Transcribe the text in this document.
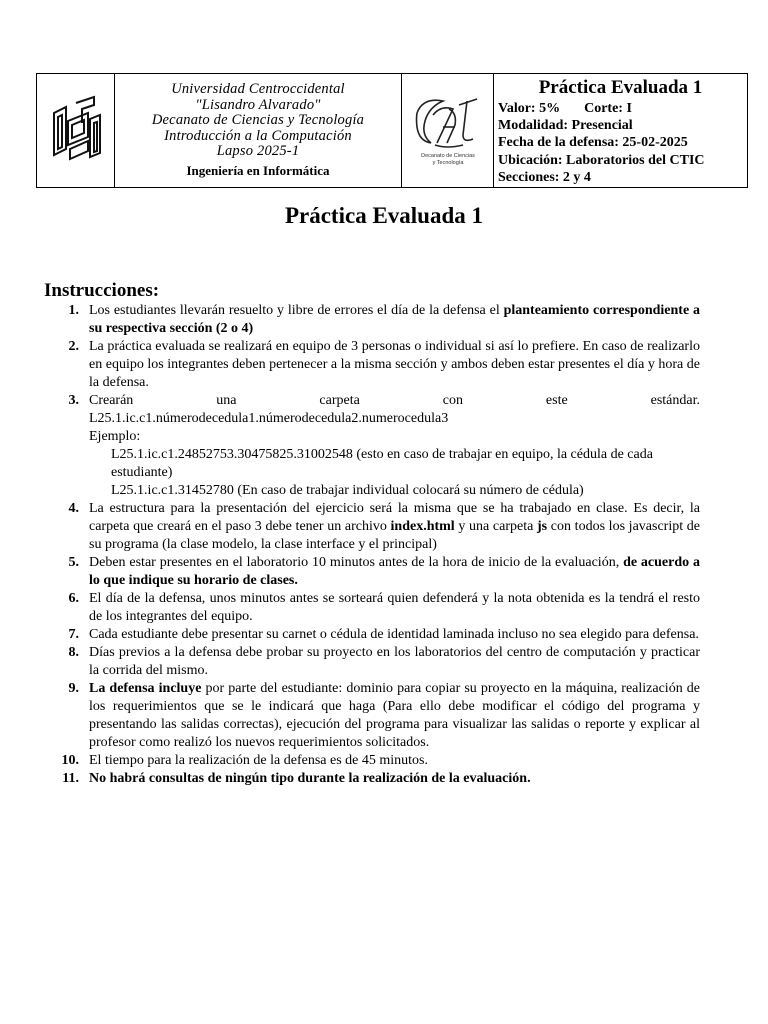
Universidad Centroccidental
"Lisandro Alvarado"
Decanato de Ciencias y Tecnología
Introducción a la Computación
Lapso 2025-1
Ingeniería en Informática
Decanato de Ciencias
y Tecnología
Práctica Evaluada 1
Valor: 5% Corte: I
Modalidad: Presencial
Fecha de la defensa: 25-02-2025
Ubicación: Laboratorios del CTIC
Secciones: 2 y 4
Práctica Evaluada 1
Instrucciones:
1. Los estudiantes llevarán resuelto y libre de errores el día de la defensa el planteamiento correspondiente a su respectiva sección (2 o 4)
2. La práctica evaluada se realizará en equipo de 3 personas o individual si así lo prefiere. En caso de realizarlo en equipo los integrantes deben pertenecer a la misma sección y ambos deben estar presentes el día y hora de la defensa.
3. Crearán	una	carpeta	con	este	estándar.
L25.1.ic.c1.númerodecedula1.númerodecedula2.numerocedula3
Ejemplo:
L25.1.ic.c1.24852753.30475825.31002548 (esto en caso de trabajar en equipo, la cédula de cada estudiante)
L25.1.ic.c1.31452780 (En caso de trabajar individual colocará su número de cédula)
4. La estructura para la presentación del ejercicio será la misma que se ha trabajado en clase. Es decir, la carpeta que creará en el paso 3 debe tener un archivo index.html y una carpeta js con todos los javascript de su programa (la clase modelo, la clase interface y el principal)
5. Deben estar presentes en el laboratorio 10 minutos antes de la hora de inicio de la evaluación, de acuerdo a lo que indique su horario de clases.
6. El día de la defensa, unos minutos antes se sorteará quien defenderá y la nota obtenida es la tendrá el resto de los integrantes del equipo.
7. Cada estudiante debe presentar su carnet o cédula de identidad laminada incluso no sea elegido para defensa.
8. Días previos a la defensa debe probar su proyecto en los laboratorios del centro de computación y practicar la corrida del mismo.
9. La defensa incluye por parte del estudiante: dominio para copiar su proyecto en la máquina, realización de los requerimientos que se le indicará que haga (Para ello debe modificar el código del programa y presentando las salidas correctas), ejecución del programa para visualizar las salidas o reporte y explicar al profesor como realizó los nuevos requerimientos solicitados.
10. El tiempo para la realización de la defensa es de 45 minutos.
11. No habrá consultas de ningún tipo durante la realización de la evaluación.
